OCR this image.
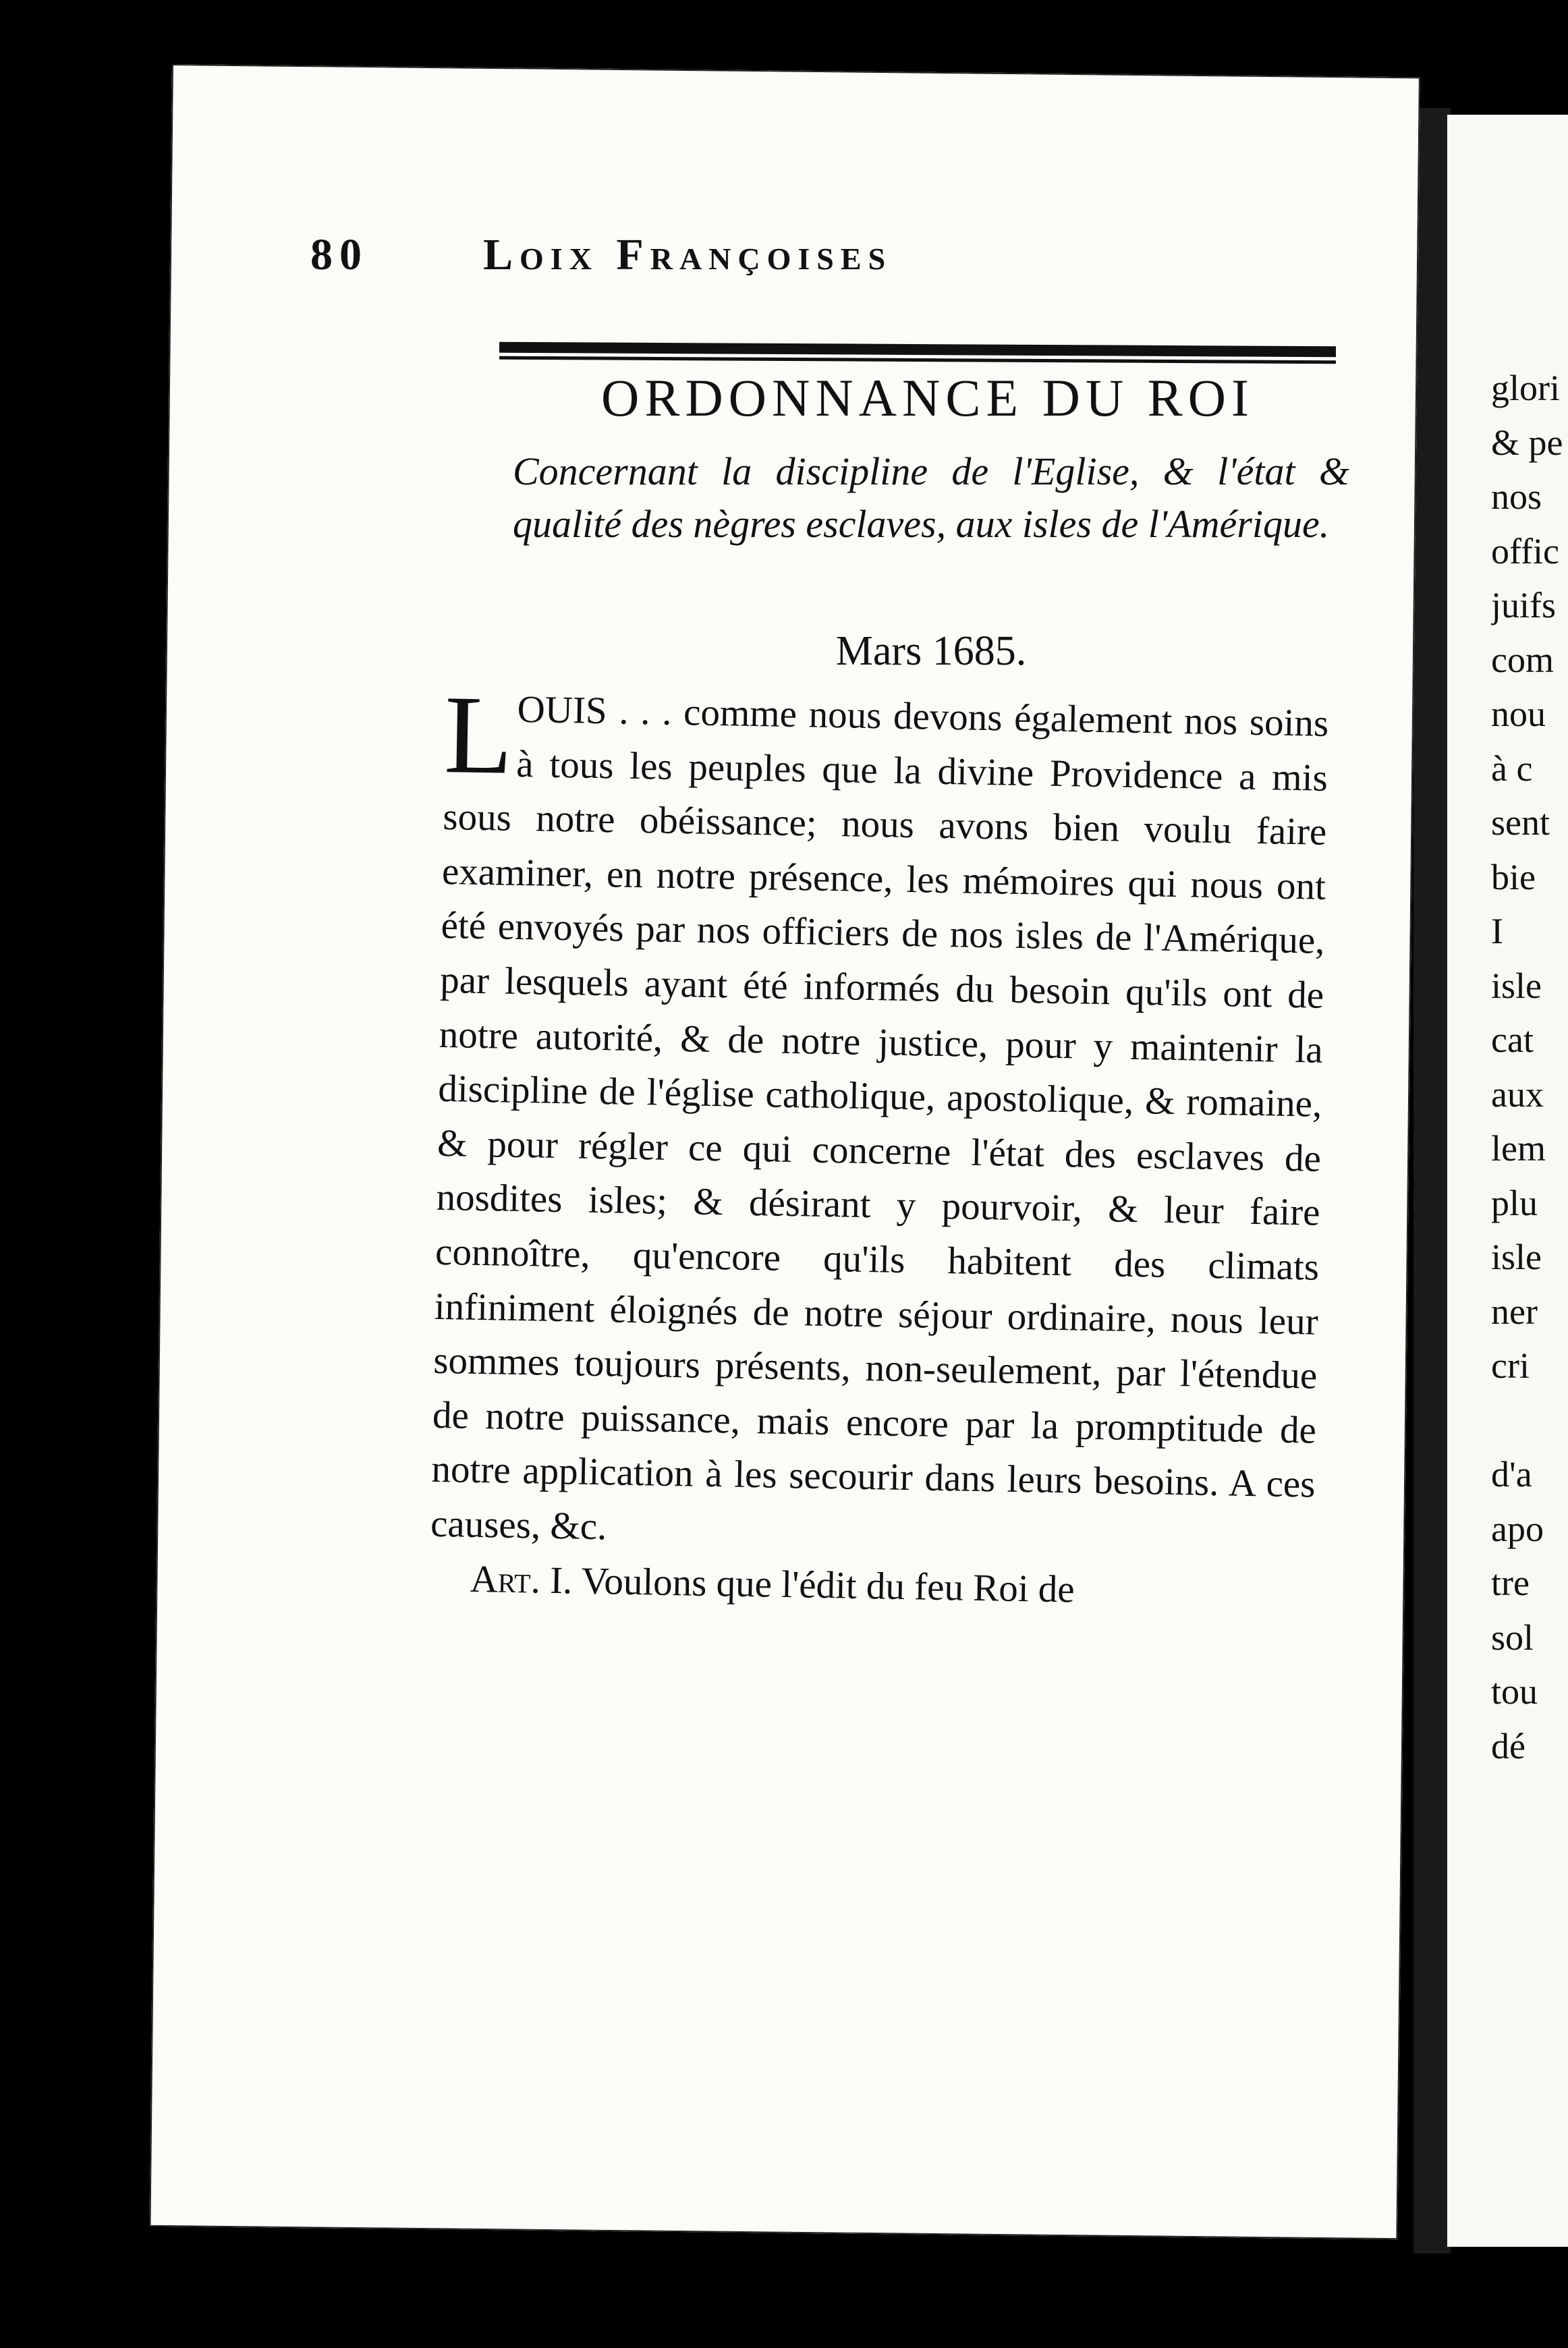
80	Loix Françoises
ORDONNANCE DU ROI
Concernant la discipline de l'Eglise, & l'état & qualité des nègres esclaves, aux isles de l'Amérique.
Mars 1685.

LOUIS . . . comme nous devons également nos soins à tous les peuples que la divine Providence a mis sous notre obéissance; nous avons bien voulu faire examiner, en notre présence, les mémoires qui nous ont été envoyés par nos officiers de nos isles de l'Amérique, par lesquels ayant été informés du besoin qu'ils ont de notre autorité, & de notre justice, pour y maintenir la discipline de l'église catholique, apostolique, & romaine, & pour régler ce qui concerne l'état des esclaves de nosdites isles; & désirant y pourvoir, & leur faire connoître, qu'encore qu'ils habitent des climats infiniment éloignés de notre séjour ordinaire, nous leur sommes toujours présents, non-seulement, par l'étendue de notre puissance, mais encore par la promptitude de notre application à les secourir dans leurs besoins. A ces causes, &c.

Art. I. Voulons que l'édit du feu Roi de

glori
& pe
nos
offic
juifs
com
nou
à c
sent
bie
I
isle
cat
aux
lem
plu
isle
ner
cri
d'a
apo
tre
sol
tou
dé
